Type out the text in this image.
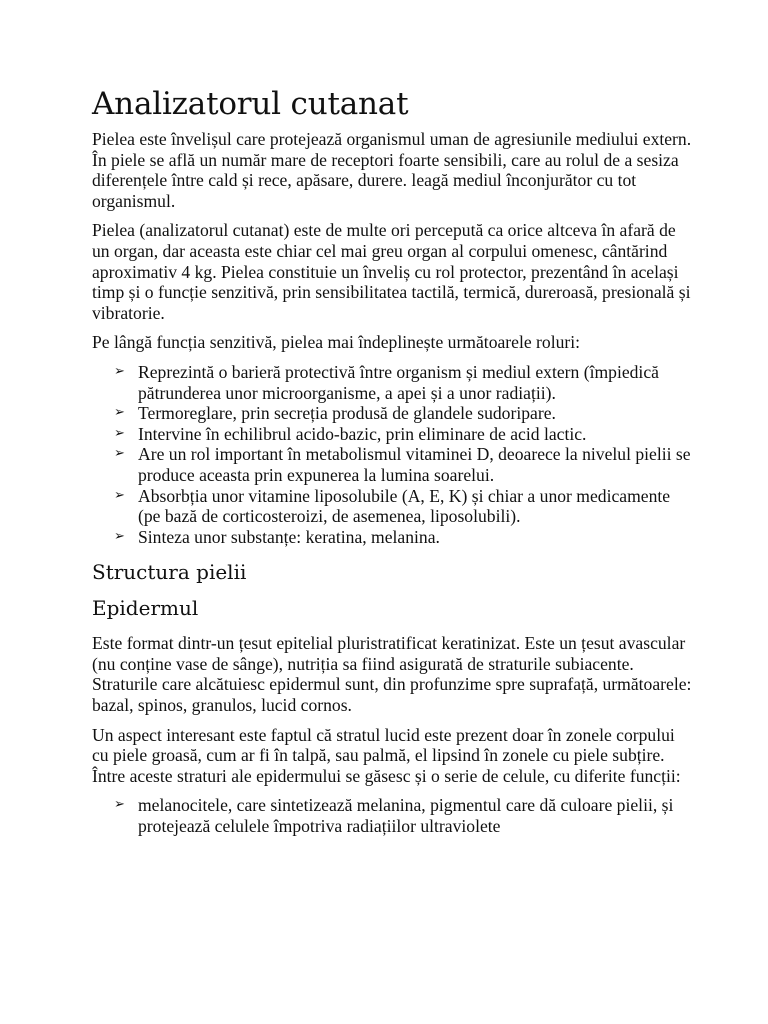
Analizatorul cutanat

Pielea este învelișul care protejează organismul uman de agresiunile mediului extern. În piele se află un număr mare de receptori foarte sensibili, care au rolul de a sesiza diferențele între cald și rece, apăsare, durere. leagă mediul înconjurător cu tot organismul.

Pielea (analizatorul cutanat) este de multe ori percepută ca orice altceva în afară de un organ, dar aceasta este chiar cel mai greu organ al corpului omenesc, cântărind aproximativ 4 kg. Pielea constituie un înveliș cu rol protector, prezentând în același timp și o funcție senzitivă, prin sensibilitatea tactilă, termică, dureroasă, presională și vibratorie.

Pe lângă funcția senzitivă, pielea mai îndeplinește următoarele roluri:

➢ Reprezintă o barieră protectivă între organism și mediul extern (împiedică pătrunderea unor microorganisme, a apei și a unor radiații).
➢ Termoreglare, prin secreția produsă de glandele sudoripare.
➢ Intervine în echilibrul acido-bazic, prin eliminare de acid lactic.
➢ Are un rol important în metabolismul vitaminei D, deoarece la nivelul pielii se produce aceasta prin expunerea la lumina soarelui.
➢ Absorbția unor vitamine liposolubile (A, E, K) și chiar a unor medicamente (pe bază de corticosteroizi, de asemenea, liposolubili).
➢ Sinteza unor substanțe: keratina, melanina.
Structura pielii
Epidermul

Este format dintr-un țesut epitelial pluristratificat keratinizat. Este un țesut avascular (nu conține vase de sânge), nutriția sa fiind asigurată de straturile subiacente. Straturile care alcătuiesc epidermul sunt, din profunzime spre suprafață, următoarele: bazal, spinos, granulos, lucid cornos.

Un aspect interesant este faptul că stratul lucid este prezent doar în zonele corpului cu piele groasă, cum ar fi în talpă, sau palmă, el lipsind în zonele cu piele subțire. Între aceste straturi ale epidermului se găsesc și o serie de celule, cu diferite funcții:

➢ melanocitele, care sintetizează melanina, pigmentul care dă culoare pielii, și protejează celulele împotriva radiațiilor ultraviolete
